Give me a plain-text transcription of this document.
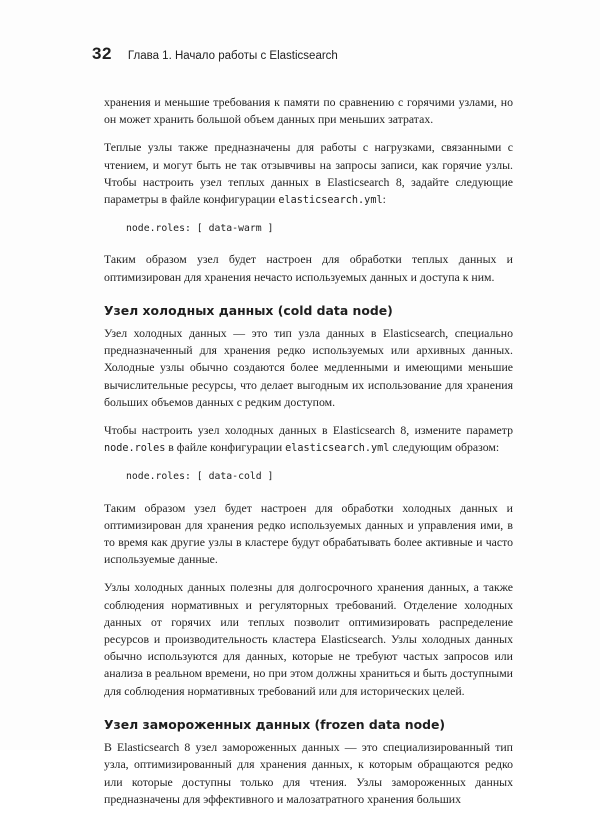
32 Глава 1. Начало работы с Elasticsearch

хранения и меньшие требования к памяти по сравнению с горячими узлами, но он может хранить большой объем данных при меньших затратах.

Теплые узлы также предназначены для работы с нагрузками, связанными с чтением, и могут быть не так отзывчивы на запросы записи, как горячие узлы. Чтобы настроить узел теплых данных в Elasticsearch 8, задайте следующие параметры в файле конфигурации elasticsearch.yml:

node.roles: [ data-warm ]

Таким образом узел будет настроен для обработки теплых данных и оптимизирован для хранения нечасто используемых данных и доступа к ним.

Узел холодных данных (cold data node)

Узел холодных данных — это тип узла данных в Elasticsearch, специально предназначенный для хранения редко используемых или архивных данных. Холодные узлы обычно создаются более медленными и имеющими меньшие вычислительные ресурсы, что делает выгодным их использование для хранения больших объемов данных с редким доступом.

Чтобы настроить узел холодных данных в Elasticsearch 8, измените параметр node.roles в файле конфигурации elasticsearch.yml следующим образом:

node.roles: [ data-cold ]

Таким образом узел будет настроен для обработки холодных данных и оптимизирован для хранения редко используемых данных и управления ими, в то время как другие узлы в кластере будут обрабатывать более активные и часто используемые данные.

Узлы холодных данных полезны для долгосрочного хранения данных, а также соблюдения нормативных и регуляторных требований. Отделение холодных данных от горячих или теплых позволит оптимизировать распределение ресурсов и производительность кластера Elasticsearch. Узлы холодных данных обычно используются для данных, которые не требуют частых запросов или анализа в реальном времени, но при этом должны храниться и быть доступными для соблюдения нормативных требований или для исторических целей.

Узел замороженных данных (frozen data node)

В Elasticsearch 8 узел замороженных данных — это специализированный тип узла, оптимизированный для хранения данных, к которым обращаются редко или которые доступны только для чтения. Узлы замороженных данных предназначены для эффективного и малозатратного хранения больших
